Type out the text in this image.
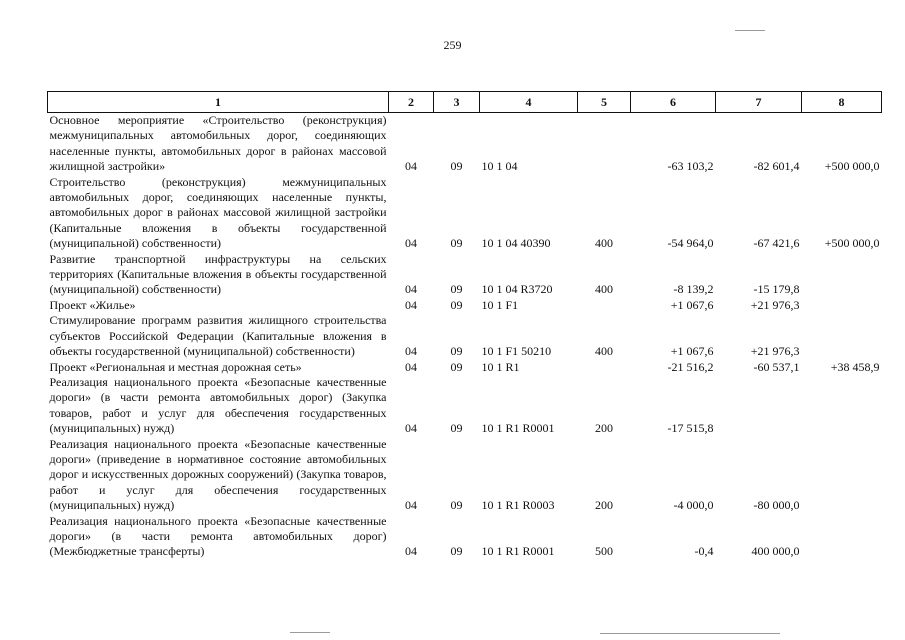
259
1	2	3	4	5	6	7	8
Основное мероприятие «Строительство (реконструкция) межмуниципальных автомобильных дорог, соединяющих населенные пункты, автомобильных дорог в районах массовой жилищной застройки»	04	09	10 1 04		-63 103,2	-82 601,4	+500 000,0
Строительство (реконструкция) межмуниципальных автомобильных дорог, соединяющих населенные пункты, автомобильных дорог в районах массовой жилищной застройки (Капитальные вложения в объекты государственной (муниципальной) собственности)	04	09	10 1 04 40390	400	-54 964,0	-67 421,6	+500 000,0
Развитие транспортной инфраструктуры на сельских территориях (Капитальные вложения в объекты государственной (муниципальной) собственности)	04	09	10 1 04 R3720	400	-8 139,2	-15 179,8	
Проект «Жилье»	04	09	10 1 F1		+1 067,6	+21 976,3	
Стимулирование программ развития жилищного строительства субъектов Российской Федерации (Капитальные вложения в объекты государственной (муниципальной) собственности)	04	09	10 1 F1 50210	400	+1 067,6	+21 976,3	
Проект «Региональная и местная дорожная сеть»	04	09	10 1 R1		-21 516,2	-60 537,1	+38 458,9
Реализация национального проекта «Безопасные качественные дороги» (в части ремонта автомобильных дорог) (Закупка товаров, работ и услуг для обеспечения государственных (муниципальных) нужд)	04	09	10 1 R1 R0001	200	-17 515,8		
Реализация национального проекта «Безопасные качественные дороги» (приведение в нормативное состояние автомобильных дорог и искусственных дорожных сооружений) (Закупка товаров, работ и услуг для обеспечения государственных (муниципальных) нужд)	04	09	10 1 R1 R0003	200	-4 000,0	-80 000,0	
Реализация национального проекта «Безопасные качественные дороги» (в части ремонта автомобильных дорог) (Межбюджетные трансферты)	04	09	10 1 R1 R0001	500	-0,4	400 000,0	
